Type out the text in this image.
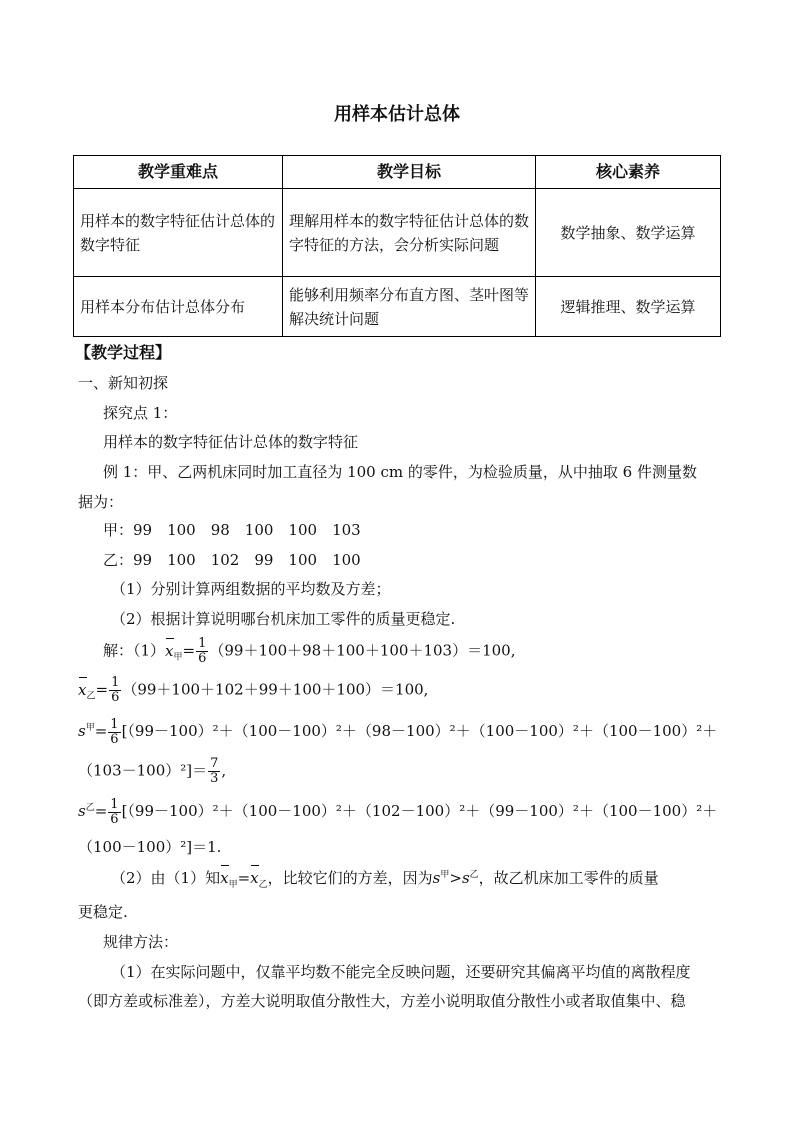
用样本估计总体
教学重难点	教学目标	核心素养
用样本的数字特征估计总体的数字特征	理解用样本的数字特征估计总体的数字特征的方法，会分析实际问题	数学抽象、数学运算
用样本分布估计总体分布	能够利用频率分布直方图、茎叶图等解决统计问题	逻辑推理、数学运算
【教学过程】
一、新知初探
探究点 1：
用样本的数字特征估计总体的数字特征
例 1：甲、乙两机床同时加工直径为 100 cm 的零件，为检验质量，从中抽取 6 件测量数
据为：
甲：99　100　98　100　100　103
乙：99　100　102　99　100　100
（1）分别计算两组数据的平均数及方差；
（2）根据计算说明哪台机床加工零件的质量更稳定.
解：$(1)x_甲= \frac{1}{6} (99+100+98+100+100+103)=100$,
$x_乙= \frac{1}{6} (99+100+102+99+100+100)=100$,
$s^甲= \frac{1}{6} [(99-100)^2+(100-100)^2+(98-100)^2+(100-100)^2+(100-100)^2+$
$(103-100)^2]= \frac{7}{3}$ ,
$s^乙= \frac{1}{6} [(99-100)^2+(100-100)^2+(102-100)^2+(99-100)^2+(100-100)^2+$
（100－100）²]＝1.
（2）由（1）知$x_甲=x_乙$，比较它们的方差，因为$s^甲>s^乙$，故乙机床加工零件的质量
更稳定.
规律方法：
（1）在实际问题中，仅靠平均数不能完全反映问题，还要研究其偏离平均值的离散程度
（即方差或标准差），方差大说明取值分散性大，方差小说明取值分散性小或者取值集中、稳
